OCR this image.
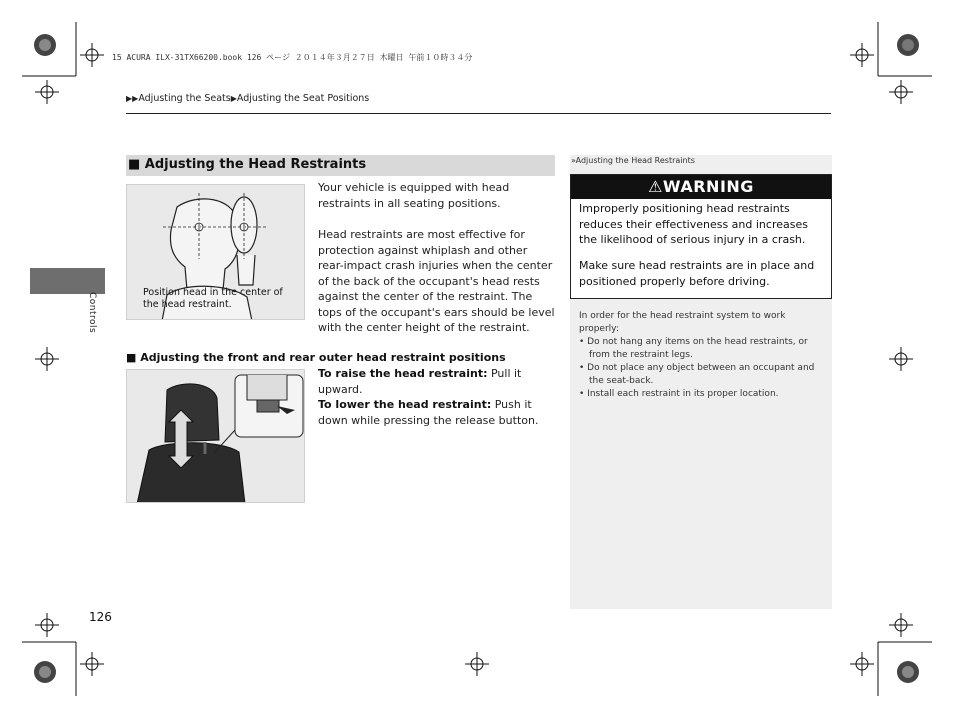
15 ACURA ILX-31TX66200.book 126 ページ ２０１４年３月２７日 木曜日 午前１０時３４分
▶▶Adjusting the Seats▶Adjusting the Seat Positions
Controls
■ Adjusting the Head Restraints
Position head in the center of the head restraint.
Your vehicle is equipped with head restraints in all seating positions.
Head restraints are most effective for protection against whiplash and other rear-impact crash injuries when the center of the back of the occupant's head rests against the center of the restraint. The tops of the occupant's ears should be level with the center height of the restraint.
■ Adjusting the front and rear outer head restraint positions
To raise the head restraint: Pull it upward.
To lower the head restraint: Push it down while pressing the release button.
»Adjusting the Head Restraints
⚠WARNING
Improperly positioning head restraints reduces their effectiveness and increases the likelihood of serious injury in a crash.
Make sure head restraints are in place and positioned properly before driving.
In order for the head restraint system to work properly:
• Do not hang any items on the head restraints, or from the restraint legs.
• Do not place any object between an occupant and the seat-back.
• Install each restraint in its proper location.
126
